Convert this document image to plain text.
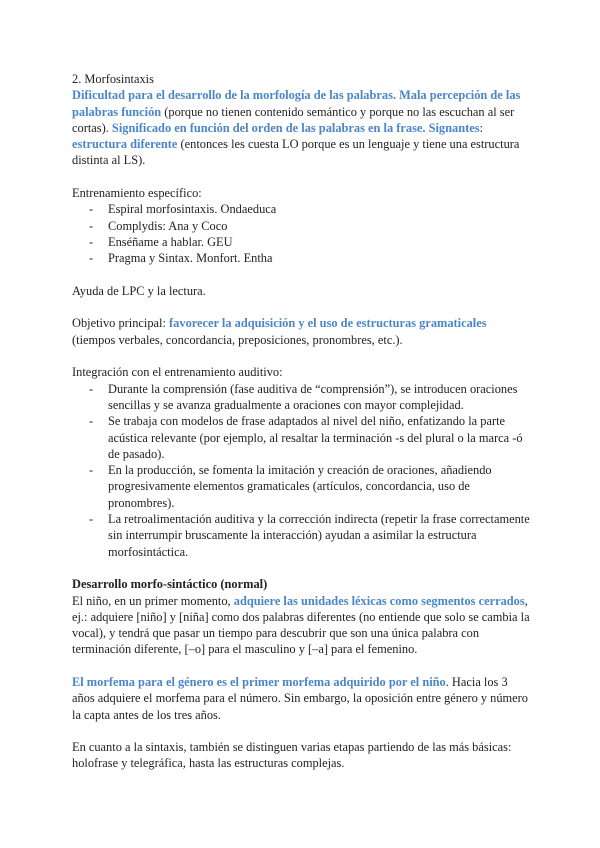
2. Morfosintaxis

Dificultad para el desarrollo de la morfología de las palabras. Mala percepción de las palabras función (porque no tienen contenido semántico y porque no las escuchan al ser cortas). Significado en función del orden de las palabras en la frase. Signantes: estructura diferente (entonces les cuesta LO porque es un lenguaje y tiene una estructura distinta al LS).

Entrenamiento específico:

- Espiral morfosintaxis. Ondaeduca
- Complydis: Ana y Coco
- Enséñame a hablar. GEU
- Pragma y Sintax. Monfort. Entha

Ayuda de LPC y la lectura.

Objetivo principal: favorecer la adquisición y el uso de estructuras gramaticales (tiempos verbales, concordancia, preposiciones, pronombres, etc.).

Integración con el entrenamiento auditivo:

- Durante la comprensión (fase auditiva de “comprensión”), se introducen oraciones sencillas y se avanza gradualmente a oraciones con mayor complejidad.
- Se trabaja con modelos de frase adaptados al nivel del niño, enfatizando la parte acústica relevante (por ejemplo, al resaltar la terminación -s del plural o la marca -ó de pasado).
- En la producción, se fomenta la imitación y creación de oraciones, añadiendo progresivamente elementos gramaticales (artículos, concordancia, uso de pronombres).
- La retroalimentación auditiva y la corrección indirecta (repetir la frase correctamente sin interrumpir bruscamente la interacción) ayudan a asimilar la estructura morfosintáctica.

Desarrollo morfo-sintáctico (normal)

El niño, en un primer momento, adquiere las unidades léxicas como segmentos cerrados, ej.: adquiere [niño] y [niña] como dos palabras diferentes (no entiende que solo se cambia la vocal), y tendrá que pasar un tiempo para descubrir que son una única palabra con terminación diferente, [–o] para el masculino y [–a] para el femenino.

El morfema para el género es el primer morfema adquirido por el niño. Hacia los 3 años adquiere el morfema para el número. Sin embargo, la oposición entre género y número la capta antes de los tres años.

En cuanto a la sintaxis, también se distinguen varias etapas partiendo de las más básicas: holofrase y telegráfica, hasta las estructuras complejas.
